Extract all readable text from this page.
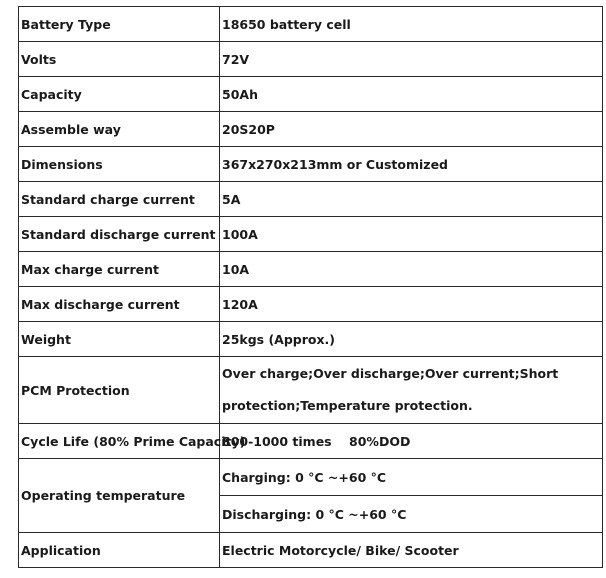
Battery Type	18650 battery cell
Volts	72V
Capacity	50Ah
Assemble way	20S20P
Dimensions	367x270x213mm or Customized
Standard charge current	5A
Standard discharge current	100A
Max charge current	10A
Max discharge current	120A
Weight	25kgs (Approx.)
PCM Protection	Over charge;Over discharge;Over current;Short
protection;Temperature protection.

Cycle Life (80% Prime Capacity)	800-1000 times    80%DOD
Operating temperature	Charging: 0 °C ~+60 °C
	Discharging: 0 °C ~+60 °C
Application	Electric Motorcycle/ Bike/ Scooter
